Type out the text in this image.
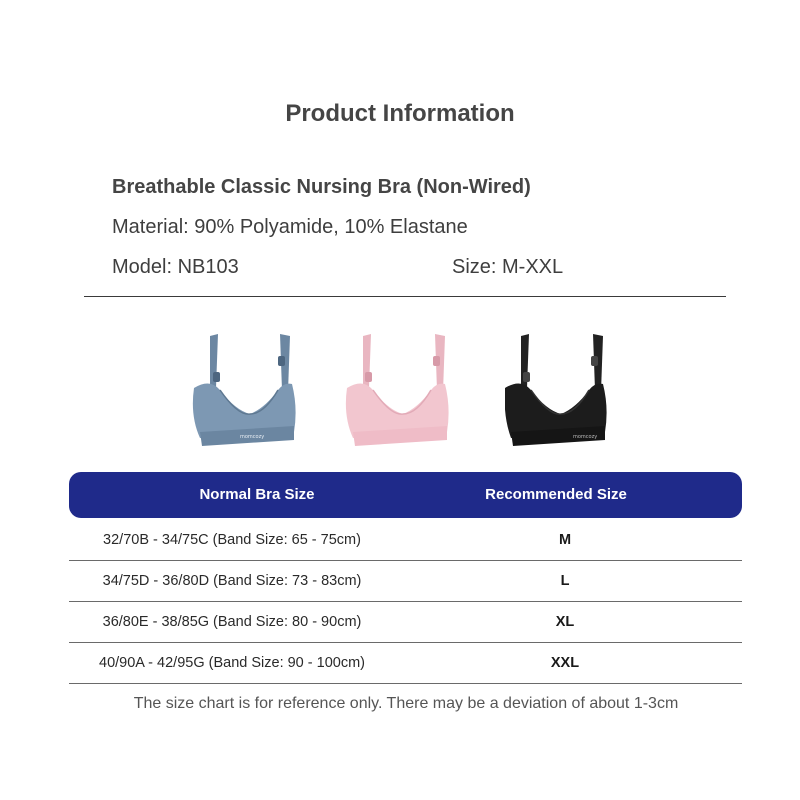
Product Information
Breathable Classic Nursing Bra (Non-Wired)
Material: 90% Polyamide, 10% Elastane
Model: NB103	Size: M-XXL
momcozy	momcozy
Normal Bra Size	Recommended Size
32/70B - 34/75C (Band Size: 65 - 75cm)	M
34/75D - 36/80D (Band Size: 73 - 83cm)	L
36/80E - 38/85G (Band Size: 80 - 90cm)	XL
40/90A - 42/95G (Band Size: 90 - 100cm)	XXL
The size chart is for reference only. There may be a deviation of about 1-3cm
